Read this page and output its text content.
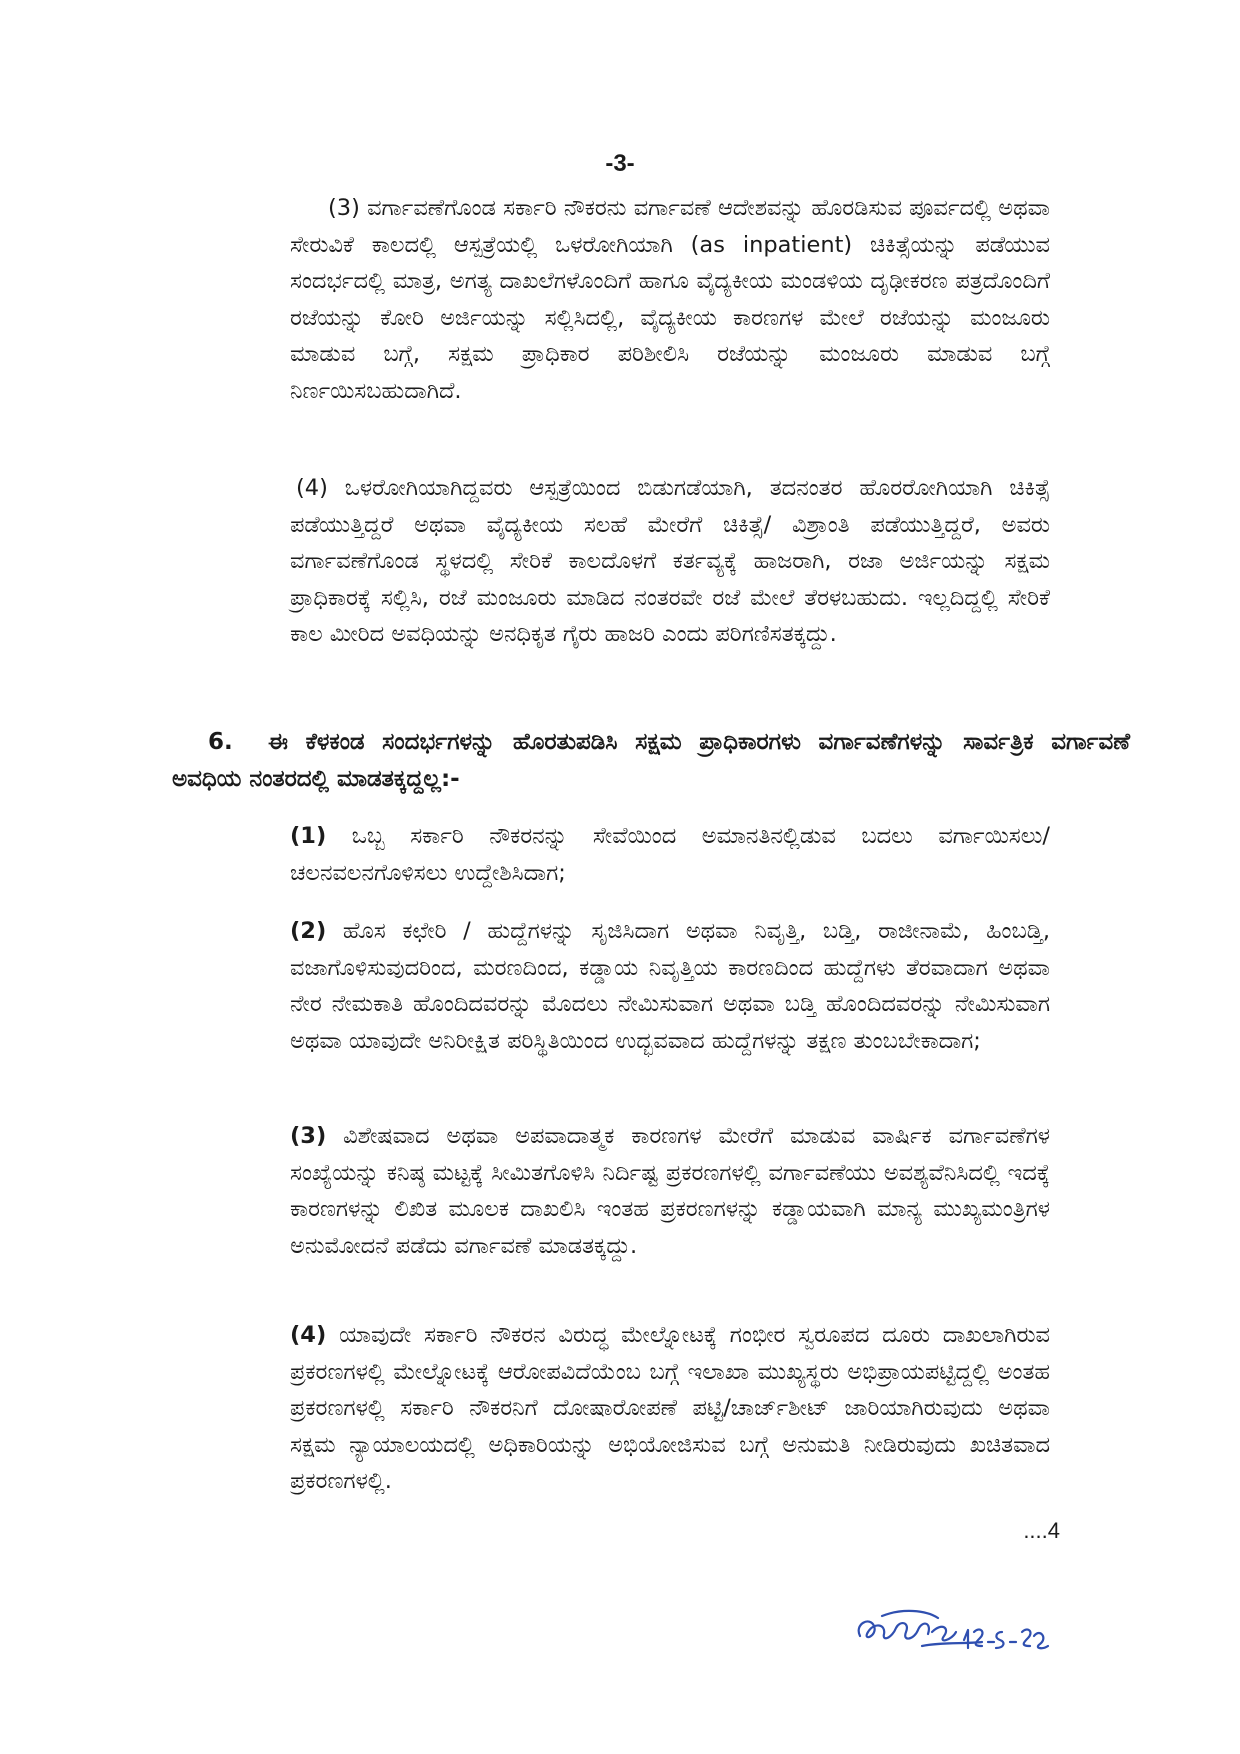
-3-

(3) ವರ್ಗಾವಣೆಗೊಂಡ ಸರ್ಕಾರಿ ನೌಕರನು ವರ್ಗಾವಣೆ ಆದೇಶವನ್ನು ಹೊರಡಿಸುವ ಪೂರ್ವದಲ್ಲಿ ಅಥವಾ ಸೇರುವಿಕೆ ಕಾಲದಲ್ಲಿ ಆಸ್ಪತ್ರೆಯಲ್ಲಿ ಒಳರೋಗಿಯಾಗಿ (as inpatient) ಚಿಕಿತ್ಸೆಯನ್ನು ಪಡೆಯುವ ಸಂದರ್ಭದಲ್ಲಿ ಮಾತ್ರ, ಅಗತ್ಯ ದಾಖಲೆಗಳೊಂದಿಗೆ ಹಾಗೂ ವೈದ್ಯಕೀಯ ಮಂಡಳಿಯ ದೃಢೀಕರಣ ಪತ್ರದೊಂದಿಗೆ ರಜೆಯನ್ನು ಕೋರಿ ಅರ್ಜಿಯನ್ನು ಸಲ್ಲಿಸಿದಲ್ಲಿ, ವೈದ್ಯಕೀಯ ಕಾರಣಗಳ ಮೇಲೆ ರಜೆಯನ್ನು ಮಂಜೂರು ಮಾಡುವ ಬಗ್ಗೆ, ಸಕ್ಷಮ ಪ್ರಾಧಿಕಾರ ಪರಿಶೀಲಿಸಿ ರಜೆಯನ್ನು ಮಂಜೂರು ಮಾಡುವ ಬಗ್ಗೆ ನಿರ್ಣಯಿಸಬಹುದಾಗಿದೆ.

(4) ಒಳರೋಗಿಯಾಗಿದ್ದವರು ಆಸ್ಪತ್ರೆಯಿಂದ ಬಿಡುಗಡೆಯಾಗಿ, ತದನಂತರ ಹೊರರೋಗಿಯಾಗಿ ಚಿಕಿತ್ಸೆ ಪಡೆಯುತ್ತಿದ್ದರೆ ಅಥವಾ ವೈದ್ಯಕೀಯ ಸಲಹೆ ಮೇರೆಗೆ ಚಿಕಿತ್ಸೆ/ ವಿಶ್ರಾಂತಿ ಪಡೆಯುತ್ತಿದ್ದರೆ, ಅವರು ವರ್ಗಾವಣೆಗೊಂಡ ಸ್ಥಳದಲ್ಲಿ ಸೇರಿಕೆ ಕಾಲದೊಳಗೆ ಕರ್ತವ್ಯಕ್ಕೆ ಹಾಜರಾಗಿ, ರಜಾ ಅರ್ಜಿಯನ್ನು ಸಕ್ಷಮ ಪ್ರಾಧಿಕಾರಕ್ಕೆ ಸಲ್ಲಿಸಿ, ರಜೆ ಮಂಜೂರು ಮಾಡಿದ ನಂತರವೇ ರಜೆ ಮೇಲೆ ತೆರಳಬಹುದು. ಇಲ್ಲದಿದ್ದಲ್ಲಿ ಸೇರಿಕೆ ಕಾಲ ಮೀರಿದ ಅವಧಿಯನ್ನು ಅನಧಿಕೃತ ಗೈರು ಹಾಜರಿ ಎಂದು ಪರಿಗಣಿಸತಕ್ಕದ್ದು.

6. ಈ ಕೆಳಕಂಡ ಸಂದರ್ಭಗಳನ್ನು ಹೊರತುಪಡಿಸಿ ಸಕ್ಷಮ ಪ್ರಾಧಿಕಾರಗಳು ವರ್ಗಾವಣೆಗಳನ್ನು ಸಾರ್ವತ್ರಿಕ ವರ್ಗಾವಣೆ ಅವಧಿಯ ನಂತರದಲ್ಲಿ ಮಾಡತಕ್ಕದ್ದಲ್ಲ:-

(1) ಒಬ್ಬ ಸರ್ಕಾರಿ ನೌಕರನನ್ನು ಸೇವೆಯಿಂದ ಅಮಾನತಿನಲ್ಲಿಡುವ ಬದಲು ವರ್ಗಾಯಿಸಲು/ ಚಲನವಲನಗೊಳಿಸಲು ಉದ್ದೇಶಿಸಿದಾಗ;

(2) ಹೊಸ ಕಛೇರಿ / ಹುದ್ದೆಗಳನ್ನು ಸೃಜಿಸಿದಾಗ ಅಥವಾ ನಿವೃತ್ತಿ, ಬಡ್ತಿ, ರಾಜೀನಾಮೆ, ಹಿಂಬಡ್ತಿ, ವಜಾಗೊಳಿಸುವುದರಿಂದ, ಮರಣದಿಂದ, ಕಡ್ಡಾಯ ನಿವೃತ್ತಿಯ ಕಾರಣದಿಂದ ಹುದ್ದೆಗಳು ತೆರವಾದಾಗ ಅಥವಾ ನೇರ ನೇಮಕಾತಿ ಹೊಂದಿದವರನ್ನು ಮೊದಲು ನೇಮಿಸುವಾಗ ಅಥವಾ ಬಡ್ತಿ ಹೊಂದಿದವರನ್ನು ನೇಮಿಸುವಾಗ ಅಥವಾ ಯಾವುದೇ ಅನಿರೀಕ್ಷಿತ ಪರಿಸ್ಥಿತಿಯಿಂದ ಉದ್ಭವವಾದ ಹುದ್ದೆಗಳನ್ನು ತಕ್ಷಣ ತುಂಬಬೇಕಾದಾಗ;

(3) ವಿಶೇಷವಾದ ಅಥವಾ ಅಪವಾದಾತ್ಮಕ ಕಾರಣಗಳ ಮೇರೆಗೆ ಮಾಡುವ ವಾರ್ಷಿಕ ವರ್ಗಾವಣೆಗಳ ಸಂಖ್ಯೆಯನ್ನು ಕನಿಷ್ಠ ಮಟ್ಟಕ್ಕೆ ಸೀಮಿತಗೊಳಿಸಿ ನಿರ್ದಿಷ್ಟ ಪ್ರಕರಣಗಳಲ್ಲಿ ವರ್ಗಾವಣೆಯು ಅವಶ್ಯವೆನಿಸಿದಲ್ಲಿ ಇದಕ್ಕೆ ಕಾರಣಗಳನ್ನು ಲಿಖಿತ ಮೂಲಕ ದಾಖಲಿಸಿ ಇಂತಹ ಪ್ರಕರಣಗಳನ್ನು ಕಡ್ಡಾಯವಾಗಿ ಮಾನ್ಯ ಮುಖ್ಯಮಂತ್ರಿಗಳ ಅನುಮೋದನೆ ಪಡೆದು ವರ್ಗಾವಣೆ ಮಾಡತಕ್ಕದ್ದು.

(4) ಯಾವುದೇ ಸರ್ಕಾರಿ ನೌಕರನ ವಿರುದ್ಧ ಮೇಲ್ನೋಟಕ್ಕೆ ಗಂಭೀರ ಸ್ವರೂಪದ ದೂರು ದಾಖಲಾಗಿರುವ ಪ್ರಕರಣಗಳಲ್ಲಿ ಮೇಲ್ನೋಟಕ್ಕೆ ಆರೋಪವಿದೆಯೆಂಬ ಬಗ್ಗೆ ಇಲಾಖಾ ಮುಖ್ಯಸ್ಥರು ಅಭಿಪ್ರಾಯಪಟ್ಟಿದ್ದಲ್ಲಿ ಅಂತಹ ಪ್ರಕರಣಗಳಲ್ಲಿ ಸರ್ಕಾರಿ ನೌಕರನಿಗೆ ದೋಷಾರೋಪಣೆ ಪಟ್ಟಿ/ಚಾರ್ಜ್‌ಶೀಟ್ ಜಾರಿಯಾಗಿರುವುದು ಅಥವಾ ಸಕ್ಷಮ ನ್ಯಾಯಾಲಯದಲ್ಲಿ ಅಧಿಕಾರಿಯನ್ನು ಅಭಿಯೋಜಿಸುವ ಬಗ್ಗೆ ಅನುಮತಿ ನೀಡಿರುವುದು ಖಚಿತವಾದ ಪ್ರಕರಣಗಳಲ್ಲಿ.

....4
